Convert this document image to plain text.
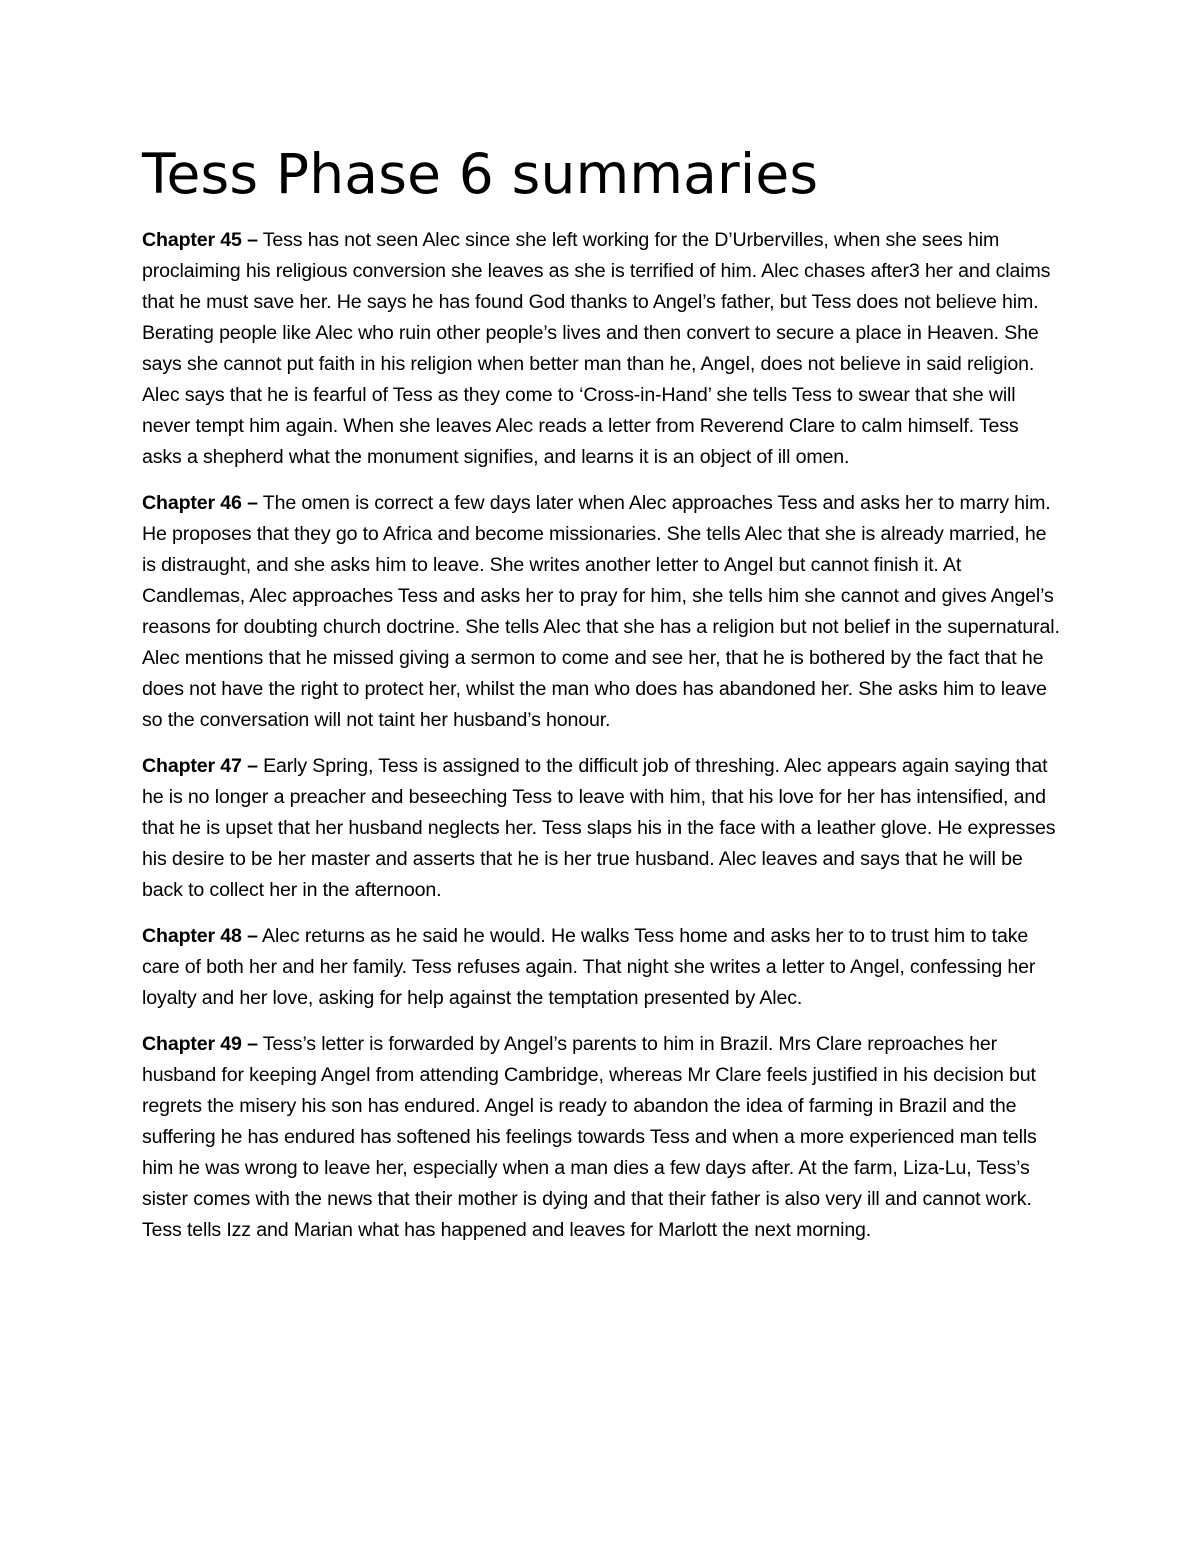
Tess Phase 6 summaries

Chapter 45 – Tess has not seen Alec since she left working for the D’Urbervilles, when she sees him proclaiming his religious conversion she leaves as she is terrified of him. Alec chases after3 her and claims that he must save her. He says he has found God thanks to Angel’s father, but Tess does not believe him. Berating people like Alec who ruin other people’s lives and then convert to secure a place in Heaven. She says she cannot put faith in his religion when better man than he, Angel, does not believe in said religion. Alec says that he is fearful of Tess as they come to ‘Cross-in-Hand’ she tells Tess to swear that she will never tempt him again. When she leaves Alec reads a letter from Reverend Clare to calm himself. Tess asks a shepherd what the monument signifies, and learns it is an object of ill omen.

Chapter 46 – The omen is correct a few days later when Alec approaches Tess and asks her to marry him. He proposes that they go to Africa and become missionaries. She tells Alec that she is already married, he is distraught, and she asks him to leave. She writes another letter to Angel but cannot finish it. At Candlemas, Alec approaches Tess and asks her to pray for him, she tells him she cannot and gives Angel’s reasons for doubting church doctrine. She tells Alec that she has a religion but not belief in the supernatural. Alec mentions that he missed giving a sermon to come and see her, that he is bothered by the fact that he does not have the right to protect her, whilst the man who does has abandoned her. She asks him to leave so the conversation will not taint her husband’s honour.

Chapter 47 – Early Spring, Tess is assigned to the difficult job of threshing. Alec appears again saying that he is no longer a preacher and beseeching Tess to leave with him, that his love for her has intensified, and that he is upset that her husband neglects her. Tess slaps his in the face with a leather glove. He expresses his desire to be her master and asserts that he is her true husband. Alec leaves and says that he will be back to collect her in the afternoon.

Chapter 48 – Alec returns as he said he would. He walks Tess home and asks her to to trust him to take care of both her and her family. Tess refuses again. That night she writes a letter to Angel, confessing her loyalty and her love, asking for help against the temptation presented by Alec.

Chapter 49 – Tess’s letter is forwarded by Angel’s parents to him in Brazil. Mrs Clare reproaches her husband for keeping Angel from attending Cambridge, whereas Mr Clare feels justified in his decision but regrets the misery his son has endured. Angel is ready to abandon the idea of farming in Brazil and the suffering he has endured has softened his feelings towards Tess and when a more experienced man tells him he was wrong to leave her, especially when a man dies a few days after. At the farm, Liza-Lu, Tess’s sister comes with the news that their mother is dying and that their father is also very ill and cannot work. Tess tells Izz and Marian what has happened and leaves for Marlott the next morning.
